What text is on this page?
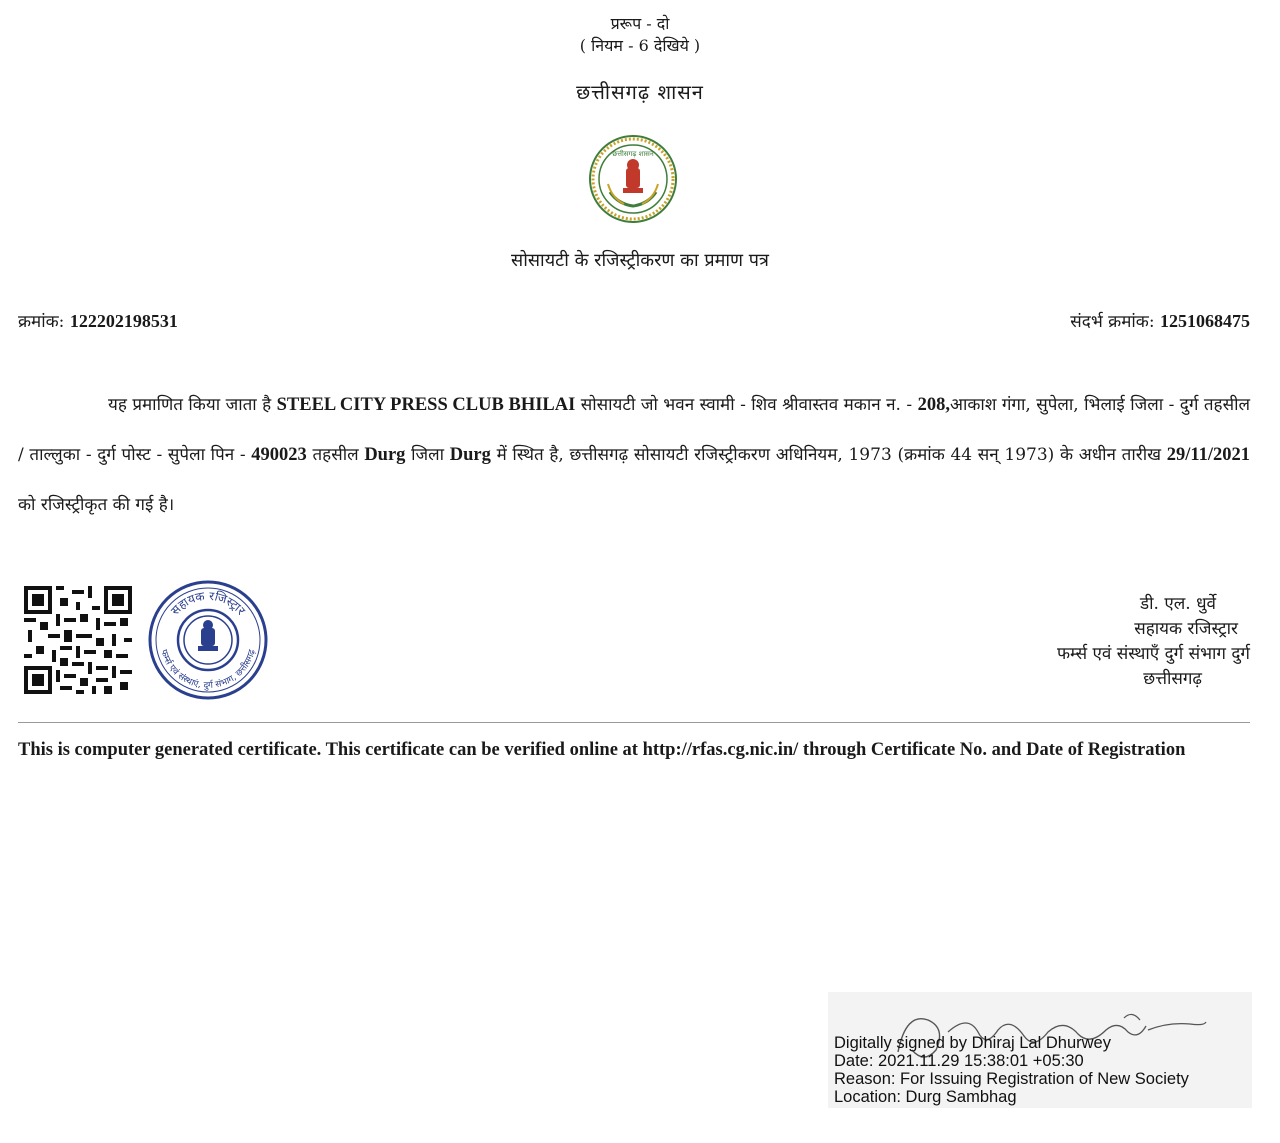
प्ररूप - दो
( नियम - 6 देखिये )
छत्तीसगढ़ शासन
छत्तीसगढ़ शासन
सोसायटी के रजिस्ट्रीकरण का प्रमाण पत्र
क्रमांक: 122202198531	संदर्भ क्रमांक: 1251068475
यह प्रमाणित किया जाता है STEEL CITY PRESS CLUB BHILAI सोसायटी जो भवन स्वामी - शिव श्रीवास्तव मकान न. - 208,आकाश गंगा, सुपेला, भिलाई जिला - दुर्ग तहसील / ताल्लुका - दुर्ग पोस्ट - सुपेला पिन - 490023 तहसील Durg जिला Durg में स्थित है, छत्तीसगढ़ सोसायटी रजिस्ट्रीकरण अधिनियम, 1973 (क्रमांक 44 सन् 1973) के अधीन तारीख 29/11/2021 को रजिस्ट्रीकृत की गई है।
सहायक रजिस्ट्रार
फर्म्स एवं संस्थाएं, दुर्ग संभाग, छत्तीसगढ़
डी. एल. धुर्वे
सहायक रजिस्ट्रार
फर्म्स एवं संस्थाएँ दुर्ग संभाग दुर्ग
छत्तीसगढ़
This is computer generated certificate. This certificate can be verified online at http://rfas.cg.nic.in/ through Certificate No. and Date of Registration
Digitally signed by Dhiraj Lal Dhurwey
Date: 2021.11.29 15:38:01 +05:30
Reason: For Issuing Registration of New Society
Location: Durg Sambhag
